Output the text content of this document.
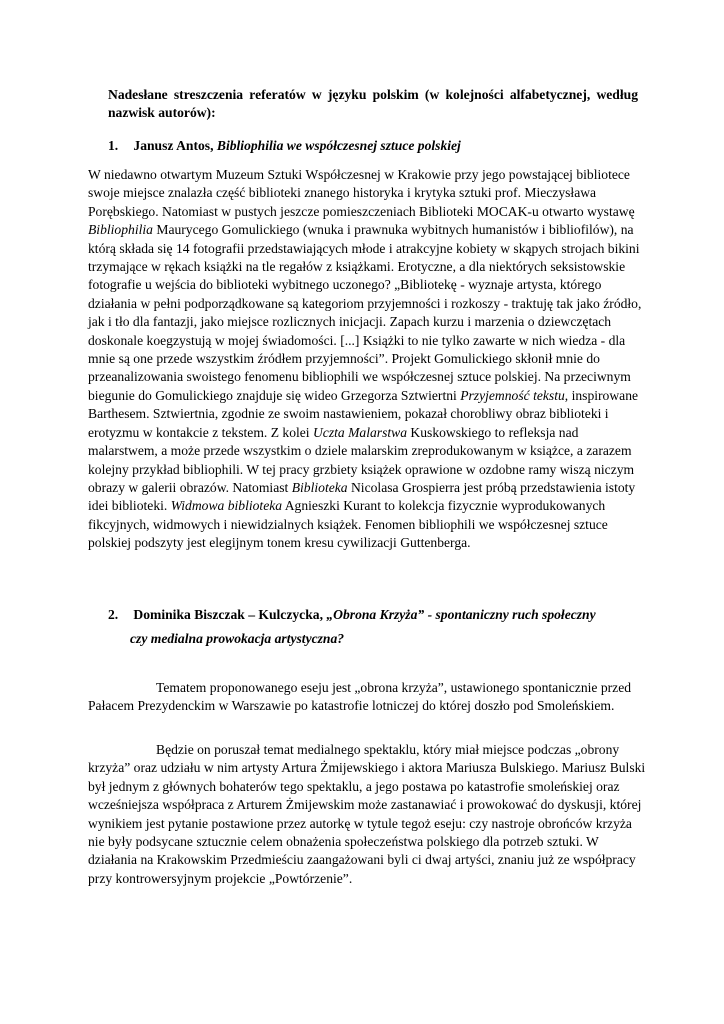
Nadesłane streszczenia referatów w języku polskim (w kolejności alfabetycznej, według nazwisk autorów):
1. Janusz Antos, Bibliophilia we współczesnej sztuce polskiej

W niedawno otwartym Muzeum Sztuki Współczesnej w Krakowie przy jego powstającej bibliotece swoje miejsce znalazła część biblioteki znanego historyka i krytyka sztuki prof. Mieczysława Porębskiego. Natomiast w pustych jeszcze pomieszczeniach Biblioteki MOCAK-u otwarto wystawę Bibliophilia Maurycego Gomulickiego (wnuka i prawnuka wybitnych humanistów i bibliofilów), na którą składa się 14 fotografii przedstawiających młode i atrakcyjne kobiety w skąpych strojach bikini trzymające w rękach książki na tle regałów z książkami. Erotyczne, a dla niektórych seksistowskie fotografie u wejścia do biblioteki wybitnego uczonego? „Bibliotekę - wyznaje artysta, którego działania w pełni podporządkowane są kategoriom przyjemności i rozkoszy - traktuję tak jako źródło, jak i tło dla fantazji, jako miejsce rozlicznych inicjacji. Zapach kurzu i marzenia o dziewczętach doskonale koegzystują w mojej świadomości. [...] Książki to nie tylko zawarte w nich wiedza - dla mnie są one przede wszystkim źródłem przyjemności”. Projekt Gomulickiego skłonił mnie do przeanalizowania swoistego fenomenu bibliophili we współczesnej sztuce polskiej. Na przeciwnym biegunie do Gomulickiego znajduje się wideo Grzegorza Sztwiertni Przyjemność tekstu, inspirowane Barthesem. Sztwiertnia, zgodnie ze swoim nastawieniem, pokazał chorobliwy obraz biblioteki i erotyzmu w kontakcie z tekstem. Z kolei Uczta Malarstwa Kuskowskiego to refleksja nad malarstwem, a może przede wszystkim o dziele malarskim zreprodukowanym w książce, a zarazem kolejny przykład bibliophili. W tej pracy grzbiety książek oprawione w ozdobne ramy wiszą niczym obrazy w galerii obrazów. Natomiast Biblioteka Nicolasa Grospierra jest próbą przedstawienia istoty idei biblioteki. Widmowa biblioteka Agnieszki Kurant to kolekcja fizycznie wyprodukowanych fikcyjnych, widmowych i niewidzialnych książek. Fenomen bibliophili we współczesnej sztuce polskiej podszyty jest elegijnym tonem kresu cywilizacji Guttenberga.

2. Dominika Biszczak – Kulczycka, „Obrona Krzyża” - spontaniczny ruch społeczny
czy medialna prowokacja artystyczna?

Tematem proponowanego eseju jest „obrona krzyża”, ustawionego spontanicznie przed Pałacem Prezydenckim w Warszawie po katastrofie lotniczej do której doszło pod Smoleńskiem.

Będzie on poruszał temat medialnego spektaklu, który miał miejsce podczas „obrony krzyża” oraz udziału w nim artysty Artura Żmijewskiego i aktora Mariusza Bulskiego. Mariusz Bulski był jednym z głównych bohaterów tego spektaklu, a jego postawa po katastrofie smoleńskiej oraz wcześniejsza współpraca z Arturem Żmijewskim może zastanawiać i prowokować do dyskusji, której wynikiem jest pytanie postawione przez autorkę w tytule tegoż eseju: czy nastroje obrońców krzyża nie były podsycane sztucznie celem obnażenia społeczeństwa polskiego dla potrzeb sztuki. W działania na Krakowskim Przedmieściu zaangażowani byli ci dwaj artyści, znaniu już ze współpracy przy kontrowersyjnym projekcie „Powtórzenie”.
